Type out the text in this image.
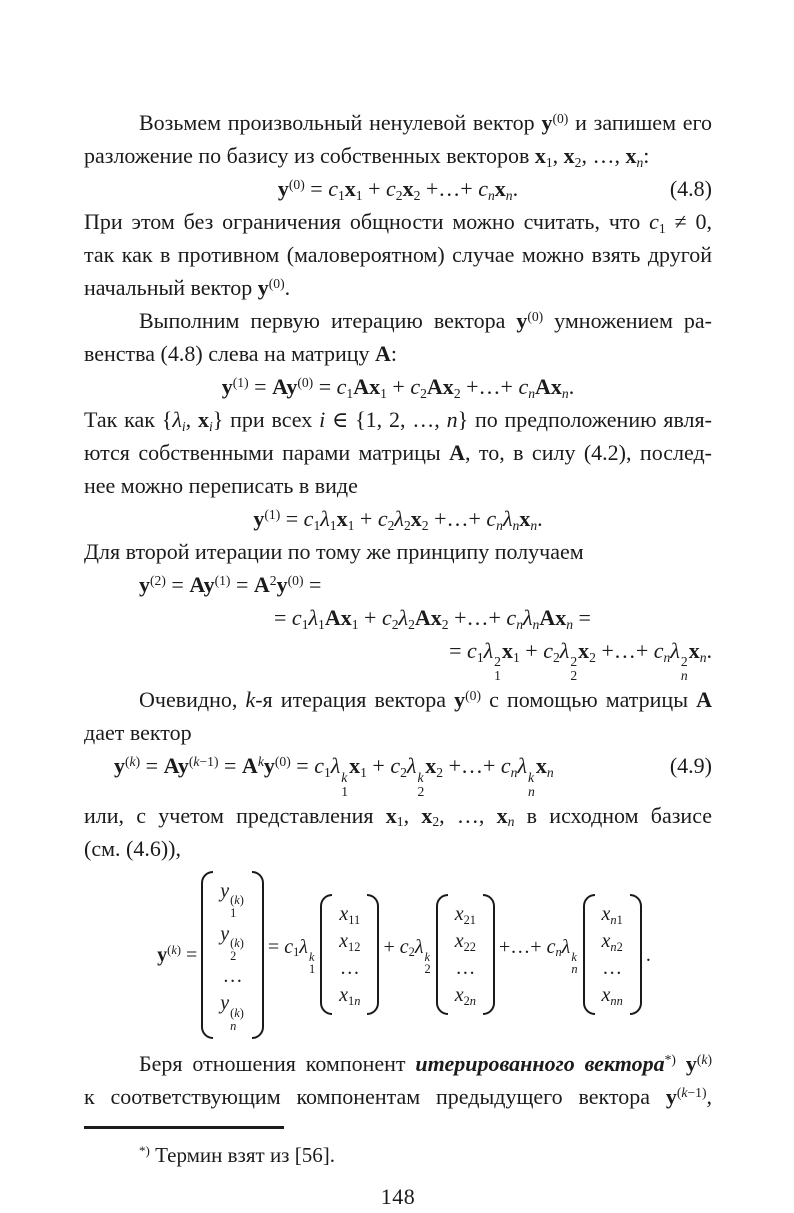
Возьмем произвольный ненулевой вектор $y^{(0)}$ и запишем его
разложение по базису из собственных векторов $x_1$, $x_2$, …, $x_n$:
$y^{(0)} = c_1x_1 + c_2x_2$ +…+ $c_nx_n$.	(4.8)
При этом без ограничения общности можно считать, что $c_1 \ne 0$,
так как в противном (маловероятном) случае можно взять другой
начальный вектор $y^{(0)}$.
Выполним первую итерацию вектора $y^{(0)}$ умножением ра-
венства (4.8) слева на матрицу A:
$y^{(1)} = Ay^{(0)} = c_1Ax_1 + c_2Ax_2$ +…+ $c_nAx_n$.
Так как {$\lambda_i$, $x_i$} при всех i ∈ {1, 2, …, n} по предположению явля-
ются собственными парами матрицы A, то, в силу (4.2), послед-
нее можно переписать в виде
$y^{(1)} = c_1\lambda_1x_1 + c_2\lambda_2x_2$ +…+ $c_n\lambda_nx_n$.
Для второй итерации по тому же принципу получаем
$y^{(2)} = Ay^{(1)} = A^2y^{(0)}$ =
= $c_1\lambda_1Ax_1 + c_2\lambda_2Ax_2$ +…+ $c_n\lambda_nAx_n$ =
= $c_1\lambda$ 2
1
$x_1 + c_2\lambda$ 2
2
$x_2$ +…+ $c_n\lambda$ 2
n
$x_n$.
Очевидно, k-я итерация вектора $y^{(0)}$ с помощью матрицы A
дает вектор
$y^{(k)} = Ay^{(k-1)} = A^ky^{(0)} = c_1\lambda$ k
1
$x_1 + c_2\lambda$ k
2
$x_2$ +…+ $c_n\lambda$ k
n
$x_n$	(4.9)
или, с учетом представления $x_1$, $x_2$, …, $x_n$ в исходном базисе
(см. (4.6)),
$y^{(k)}$ =
y (k)
1
y (k)
2
…
y (k)
n
= $c_1\lambda$ k
1
$x_{11}$
$x_{12}$
…
$x_{1n}$
+ $c_2\lambda$ k
2
$x_{21}$
$x_{22}$
…
$x_{2n}$
+…+ $c_n\lambda$ k
n
$x_{n1}$
$x_{n2}$
…
$x_{nn}$
.
Беря отношения компонент итерированного вектора*) $y^{(k)}$
к соответствующим компонентам предыдущего вектора $y^{(k-1)}$,
*) Термин взят из [56].
148
